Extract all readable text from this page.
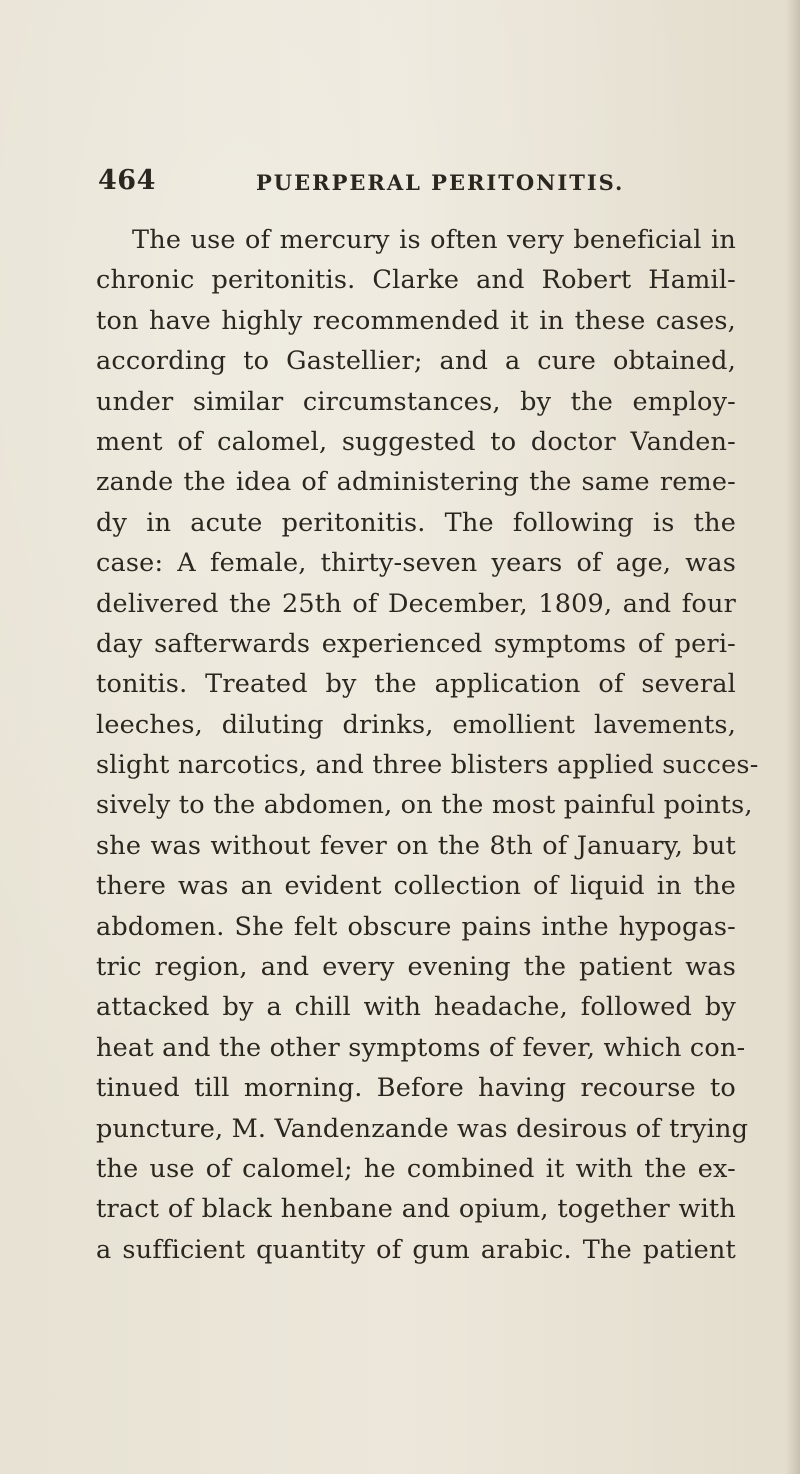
464	PUERPERAL PERITONITIS.
The use of mercury is often very beneficial in
chronic peritonitis. Clarke and Robert Hamil-
ton have highly recommended it in these cases,
according to Gastellier; and a cure obtained,
under similar circumstances, by the employ-
ment of calomel, suggested to doctor Vanden-
zande the idea of administering the same reme-
dy in acute peritonitis. The following is the
case: A female, thirty-seven years of age, was
delivered the 25th of December, 1809, and four
day safterwards experienced symptoms of peri-
tonitis. Treated by the application of several
leeches, diluting drinks, emollient lavements,
slight narcotics, and three blisters applied succes-
sively to the abdomen, on the most painful points,
she was without fever on the 8th of January, but
there was an evident collection of liquid in the
abdomen. She felt obscure pains inthe hypogas-
tric region, and every evening the patient was
attacked by a chill with headache, followed by
heat and the other symptoms of fever, which con-
tinued till morning. Before having recourse to
puncture, M. Vandenzande was desirous of trying
the use of calomel; he combined it with the ex-
tract of black henbane and opium, together with
a sufficient quantity of gum arabic. The patient
